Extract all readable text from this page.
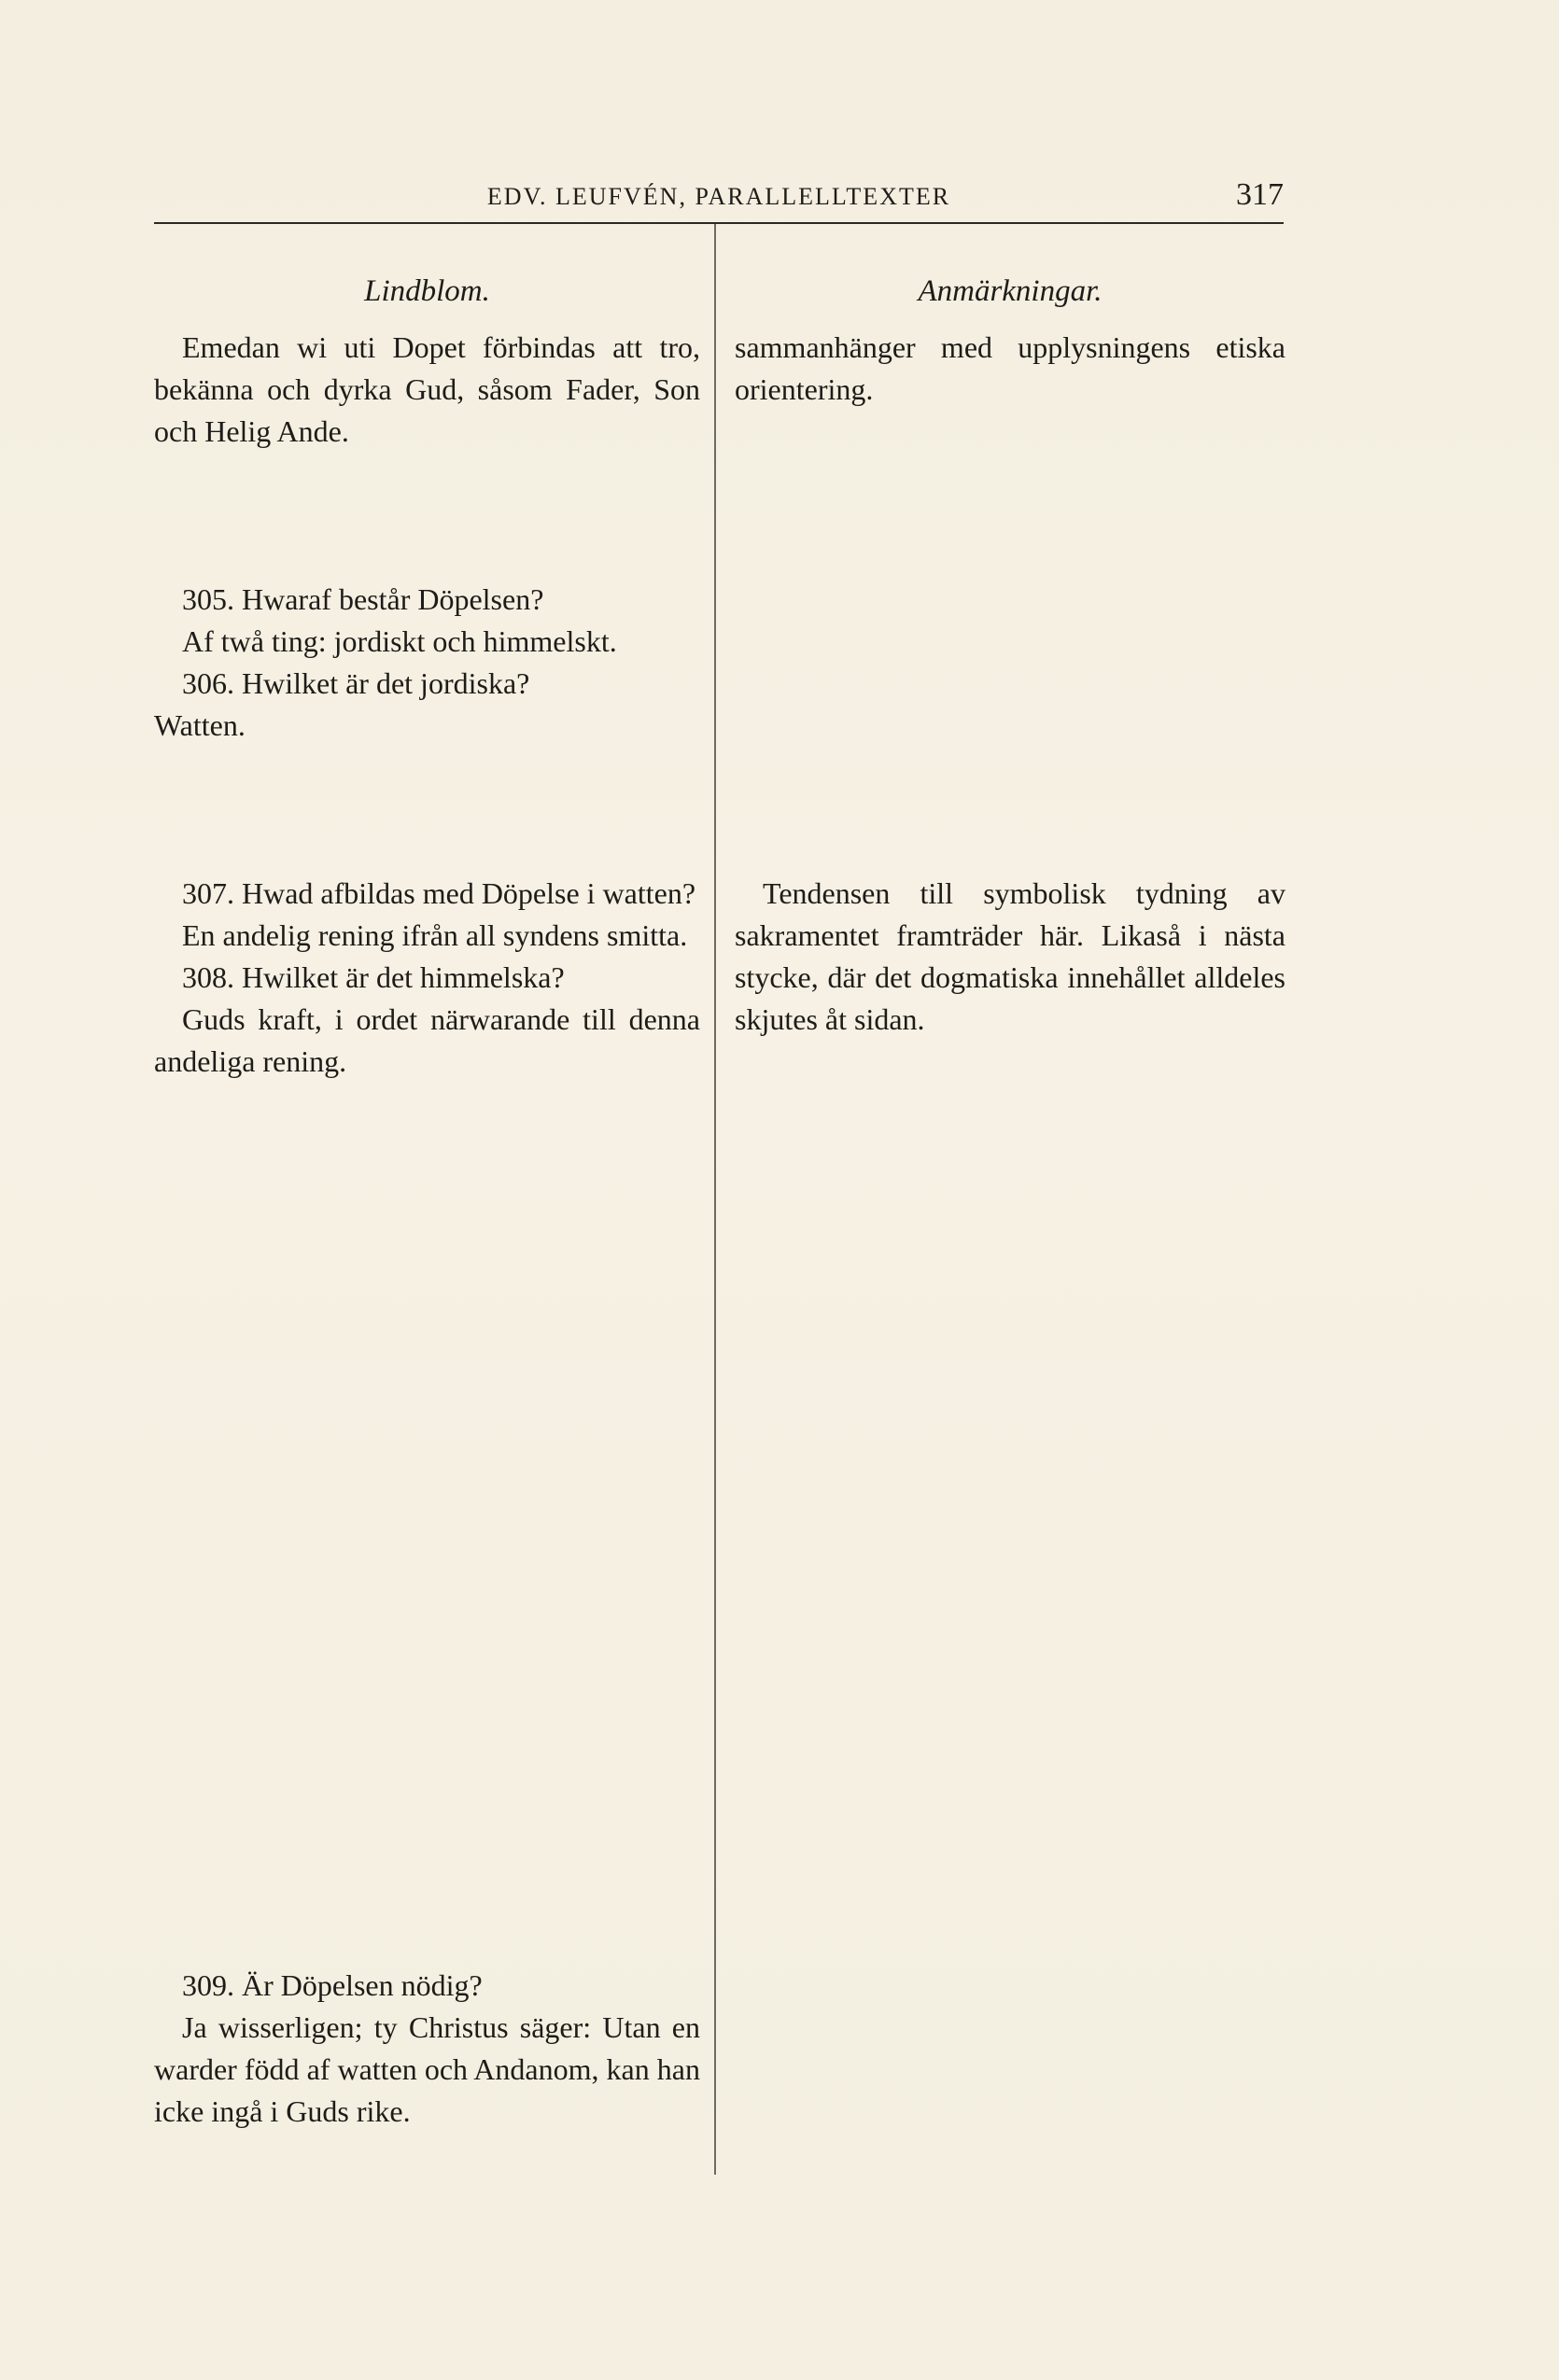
EDV. LEUFVÉN, PARALLELLTEXTER	317
Lindblom.

Emedan wi uti Dopet förbindas att tro, bekänna och dyrka Gud, såsom Fader, Son och Helig Ande.

305. Hwaraf består Döpelsen?

Af twå ting: jordiskt och himmelskt.

306. Hwilket är det jordiska?

Watten.

307. Hwad afbildas med Döpelse i watten?

En andelig rening ifrån all syndens smitta.

308. Hwilket är det himmelska?

Guds kraft, i ordet närwarande till denna andeliga rening.

309. Är Döpelsen nödig?

Ja wisserligen; ty Christus säger: Utan en warder född af watten och Andanom, kan han icke ingå i Guds rike.

Anmärkningar.

sammanhänger med upplysningens etiska orientering.

Tendensen till symbolisk tydning av sakramentet framträder här. Likaså i nästa stycke, där det dogmatiska innehållet alldeles skjutes åt sidan.
